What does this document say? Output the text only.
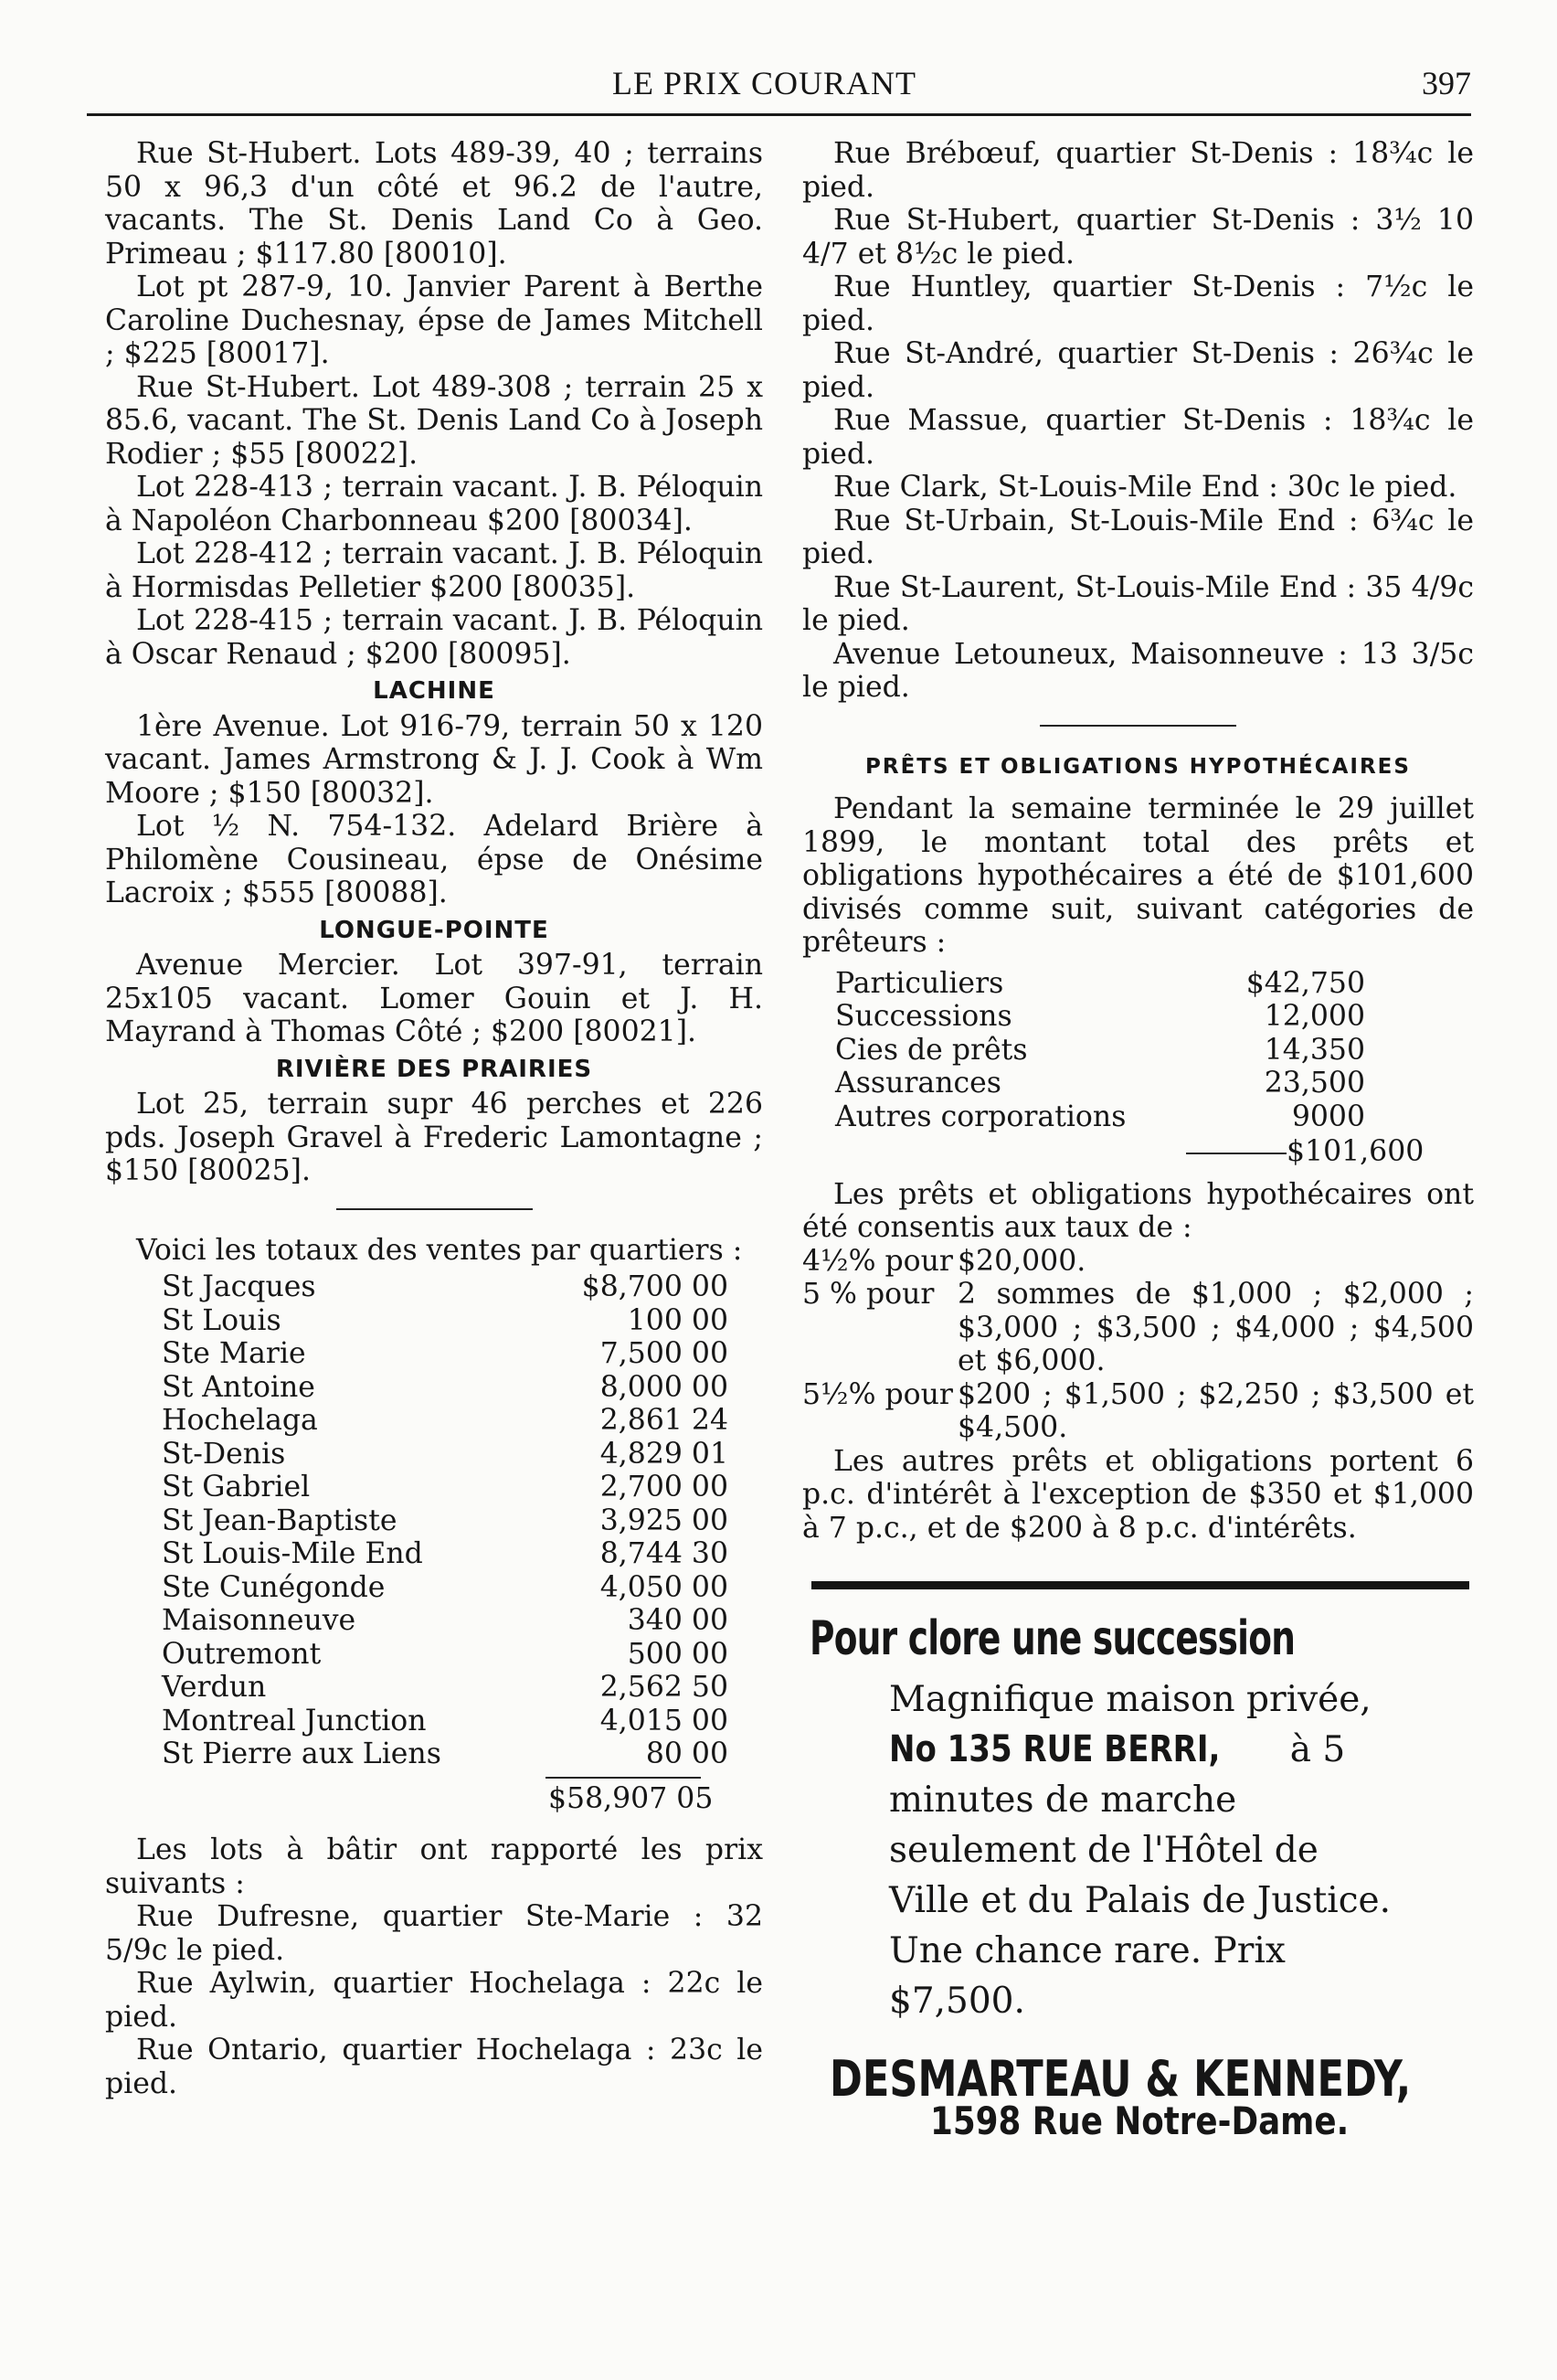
LE PRIX COURANT	397

Rue St-Hubert. Lots 489-39, 40 ; terrains 50 x 96,3 d'un côté et 96.2 de l'autre, vacants. The St. Denis Land Co à Geo. Primeau ; $117.80 [80010].

Lot pt 287-9, 10. Janvier Parent à Berthe Caroline Duchesnay, épse de James Mitchell ; $225 [80017].

Rue St-Hubert. Lot 489-308 ; terrain 25 x 85.6, vacant. The St. Denis Land Co à Joseph Rodier ; $55 [80022].

Lot 228-413 ; terrain vacant. J. B. Péloquin à Napoléon Charbonneau $200 [80034].

Lot 228-412 ; terrain vacant. J. B. Péloquin à Hormisdas Pelletier $200 [80035].

Lot 228-415 ; terrain vacant. J. B. Péloquin à Oscar Renaud ; $200 [80095].

LACHINE

1ère Avenue. Lot 916-79, terrain 50 x 120 vacant. James Armstrong & J. J. Cook à Wm Moore ; $150 [80032].

Lot ½ N. 754-132. Adelard Brière à Philomène Cousineau, épse de Onésime Lacroix ; $555 [80088].

LONGUE-POINTE

Avenue Mercier. Lot 397-91, terrain 25x105 vacant. Lomer Gouin et J. H. Mayrand à Thomas Côté ; $200 [80021].

RIVIÈRE DES PRAIRIES

Lot 25, terrain supr 46 perches et 226 pds. Joseph Gravel à Frederic Lamontagne ; $150 [80025].

Voici les totaux des ventes par quartiers :

St Jacques	$8,700 00
St Louis	100 00
Ste Marie	7,500 00
St Antoine	8,000 00
Hochelaga	2,861 24
St-Denis	4,829 01
St Gabriel	2,700 00
St Jean-Baptiste	3,925 00
St Louis-Mile End	8,744 30
Ste Cunégonde	4,050 00
Maisonneuve	340 00
Outremont	500 00
Verdun	2,562 50
Montreal Junction	4,015 00
St Pierre aux Liens	80 00
$58,907 05

Les lots à bâtir ont rapporté les prix suivants :

Rue Dufresne, quartier Ste-Marie : 32 5/9c le pied.

Rue Aylwin, quartier Hochelaga : 22c le pied.

Rue Ontario, quartier Hochelaga : 23c le pied.

Rue Brébœuf, quartier St-Denis : 18¾c le pied.

Rue St-Hubert, quartier St-Denis : 3½ 10 4/7 et 8½c le pied.

Rue Huntley, quartier St-Denis : 7½c le pied.

Rue St-André, quartier St-Denis : 26¾c le pied.

Rue Massue, quartier St-Denis : 18¾c le pied.

Rue Clark, St-Louis-Mile End : 30c le pied.

Rue St-Urbain, St-Louis-Mile End : 6¾c le pied.

Rue St-Laurent, St-Louis-Mile End : 35 4/9c le pied.

Avenue Letouneux, Maisonneuve : 13 3/5c le pied.

PRÊTS ET OBLIGATIONS HYPOTHÉCAIRES

Pendant la semaine terminée le 29 juillet 1899, le montant total des prêts et obligations hypothécaires a été de $101,600 divisés comme suit, suivant catégories de prêteurs :

Particuliers	$42,750
Successions	12,000
Cies de prêts	14,350
Assurances	23,500
Autres corporations	9000
$101,600

Les prêts et obligations hypothécaires ont été consentis aux taux de :

4½% pour $20,000.

5 % pour 2 sommes de $1,000 ; $2,000 ; $3,000 ; $3,500 ; $4,000 ; $4,500 et $6,000.

5½% pour $200 ; $1,500 ; $2,250 ; $3,500 et $4,500.

Les autres prêts et obligations portent 6 p.c. d'intérêt à l'exception de $350 et $1,000 à 7 p.c., et de $200 à 8 p.c. d'intérêts.

Pour clore une succession
Magnifique maison privée,
No 135 RUE BERRI, à 5 minutes de marche seulement de l'Hôtel de Ville et du Palais de Justice. Une chance rare. Prix $7,500.
DESMARTEAU & KENNEDY,
1598 Rue Notre-Dame.
